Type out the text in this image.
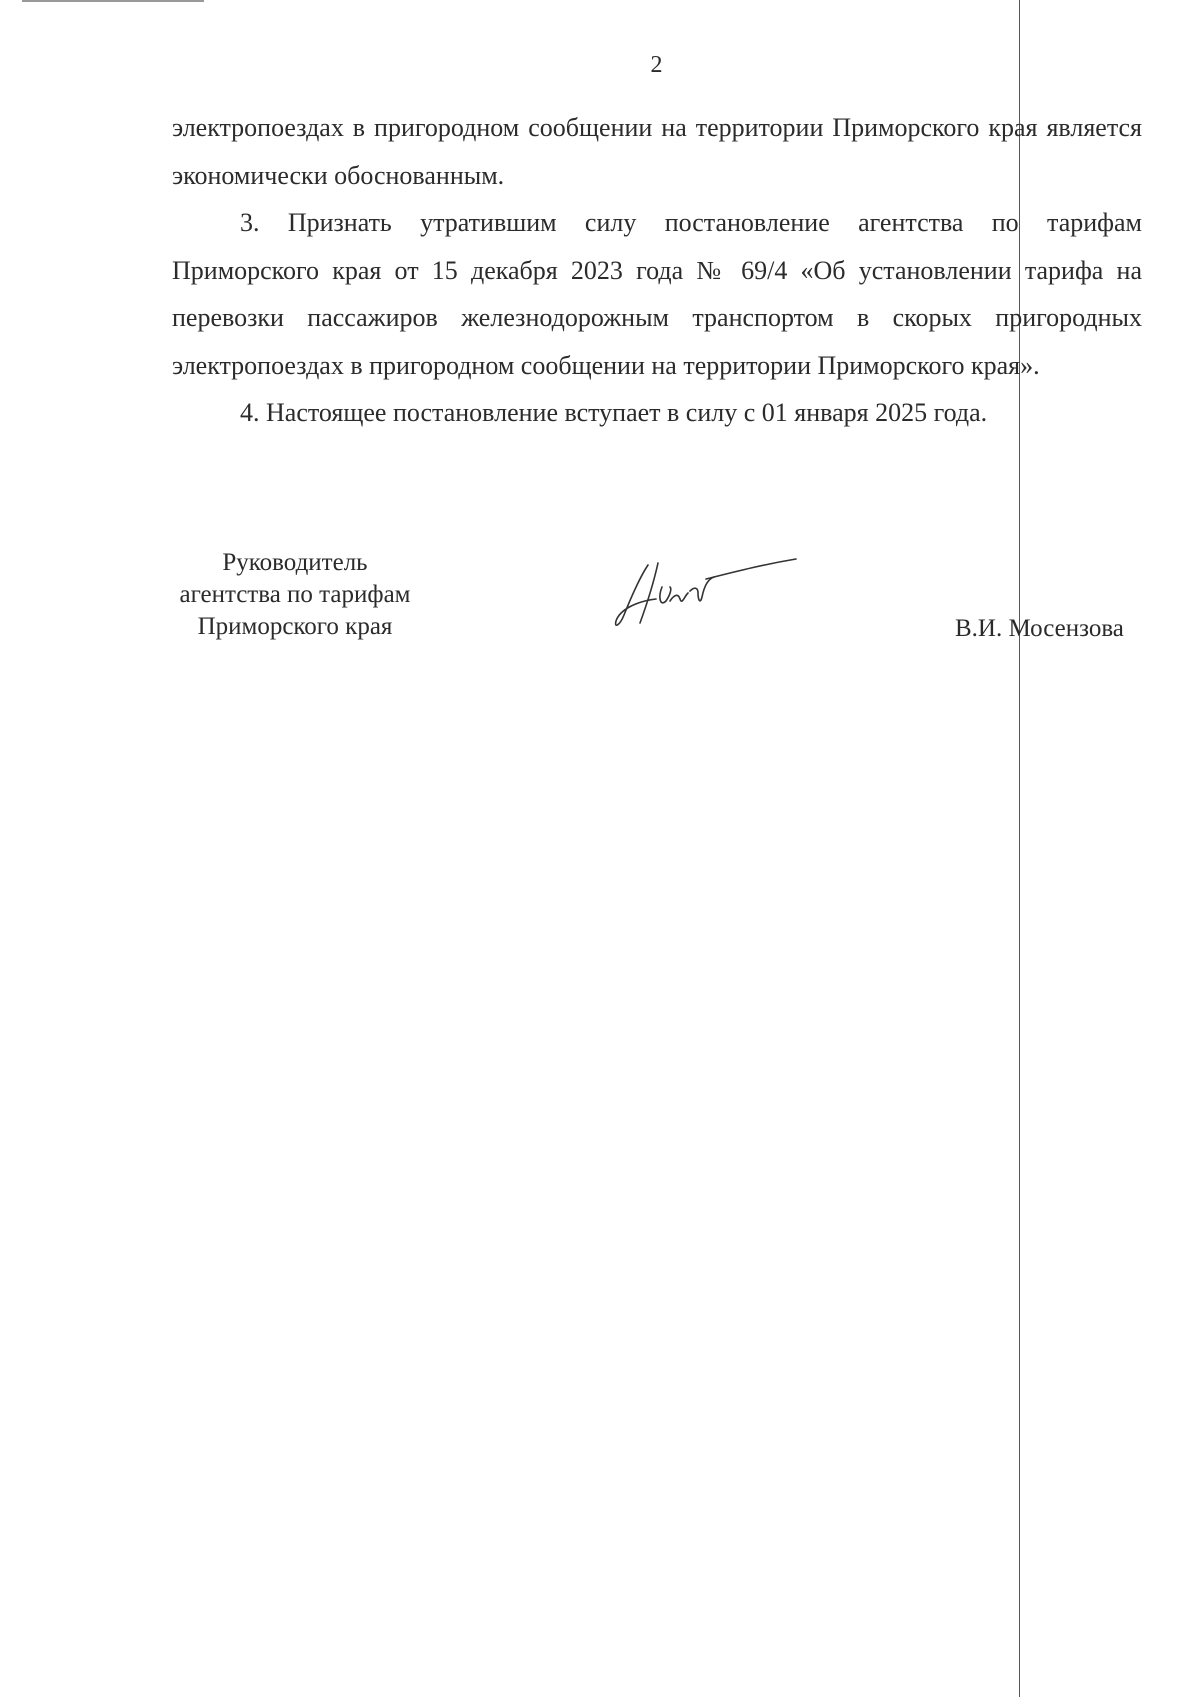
2

электропоездах в пригородном сообщении на территории Приморского края является экономически обоснованным.

3. Признать утратившим силу постановление агентства по тарифам Приморского края от 15 декабря 2023 года № 69/4 «Об установлении тарифа на перевозки пассажиров железнодорожным транспортом в скорых пригородных электропоездах в пригородном сообщении на территории Приморского края».

4. Настоящее постановление вступает в силу с 01 января 2025 года.

Руководитель
агентства по тарифам
Приморского края	В.И. Мосензова
